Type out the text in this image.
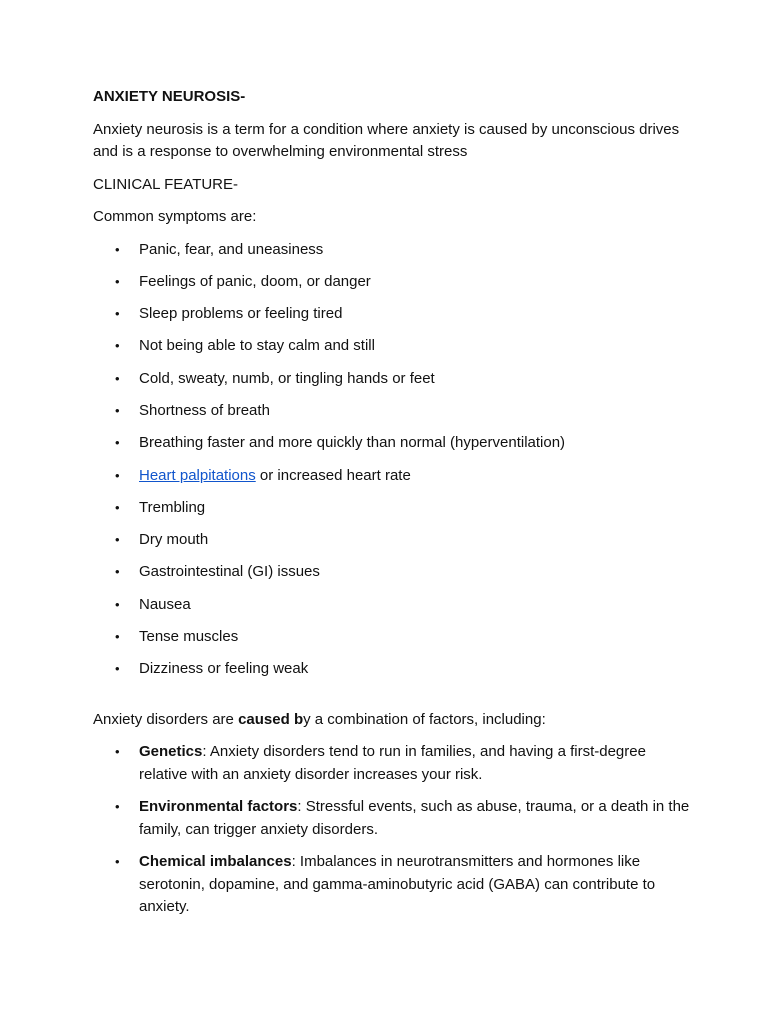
ANXIETY NEUROSIS-

Anxiety neurosis is a term for a condition where anxiety is caused by unconscious drives and is a response to overwhelming environmental stress

CLINICAL FEATURE-

Common symptoms are:

• Panic, fear, and uneasiness
• Feelings of panic, doom, or danger
• Sleep problems or feeling tired
• Not being able to stay calm and still
• Cold, sweaty, numb, or tingling hands or feet
• Shortness of breath
• Breathing faster and more quickly than normal (hyperventilation)
• Heart palpitations or increased heart rate
• Trembling
• Dry mouth
• Gastrointestinal (GI) issues
• Nausea
• Tense muscles
• Dizziness or feeling weak

Anxiety disorders are caused by a combination of factors, including:

• Genetics: Anxiety disorders tend to run in families, and having a first-degree relative with an anxiety disorder increases your risk.
• Environmental factors: Stressful events, such as abuse, trauma, or a death in the family, can trigger anxiety disorders.
• Chemical imbalances: Imbalances in neurotransmitters and hormones like serotonin, dopamine, and gamma-aminobutyric acid (GABA) can contribute to anxiety.
